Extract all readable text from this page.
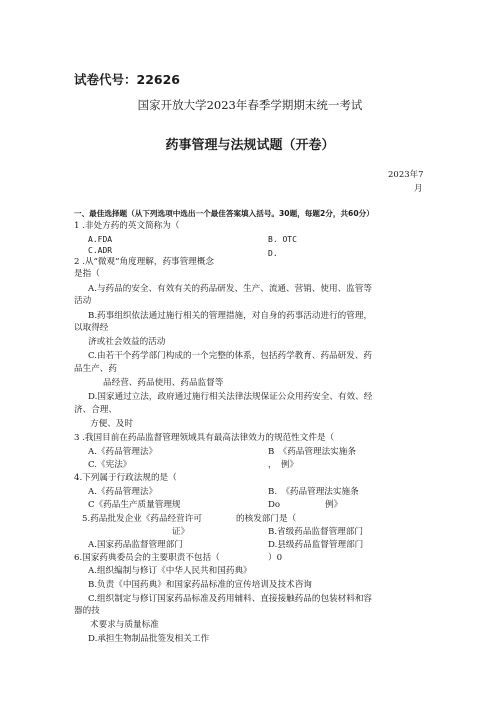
试卷代号：22626
国家开放大学2023年春季学期期末统一考试
药事管理与法规试题（开卷）
2023年7
月
一、最佳选择题（从下列选项中选出一个最佳答案填入括号。30题，每题2分，共60分）
1 .非处方药的英文简称为（
A.FDA	B. OTC
C.ADR	D.
2 .从“微观”角度理解，药事管理概念
是指（
A.与药品的安全、有效有关的药品研发、生产、流通、营销、使用、监管等
活动
B.药事组织依法通过施行相关的管理措施，对自身的药事活动进行的管理，
以取得经
济或社会效益的活动
C.由若干个药学部门构成的一个完整的体系，包括药学教育、药品研发、药
品生产、药
品经营、药品使用、药品监督等
D.国家通过立法，政府通过施行相关法律法规保证公众用药安全、有效、经
济、合理、
方便、及时
3 .我国目前在药品监督管理领域具有最高法律效力的规范性文件是（
A.《药品管理法》	B　《药品管理法实施条
C.《宪法》	，　例》
4.下列属于行政法规的是（
A.《药品管理法》	B.　《药品管理法实施条
C《药品生产质量管理规	Do	例》
5.药品批发企业《药品经营许可	的核发部门是（
证》	B.省级药品监督管理部门
A.国家药品监督管理部门	D.县级药品监督管理部门
6.国家药典委员会的主要职责不包括（	）0
A.组织编制与修订《中华人民共和国药典》
B.负责《中国药典》和国家药品标准的宣传培训及技术咨询
C.组织制定与修订国家药品标准及药用辅料、直接接触药品的包装材料和容
器的技
术要求与质量标准
D.承担生物制品批签发相关工作
